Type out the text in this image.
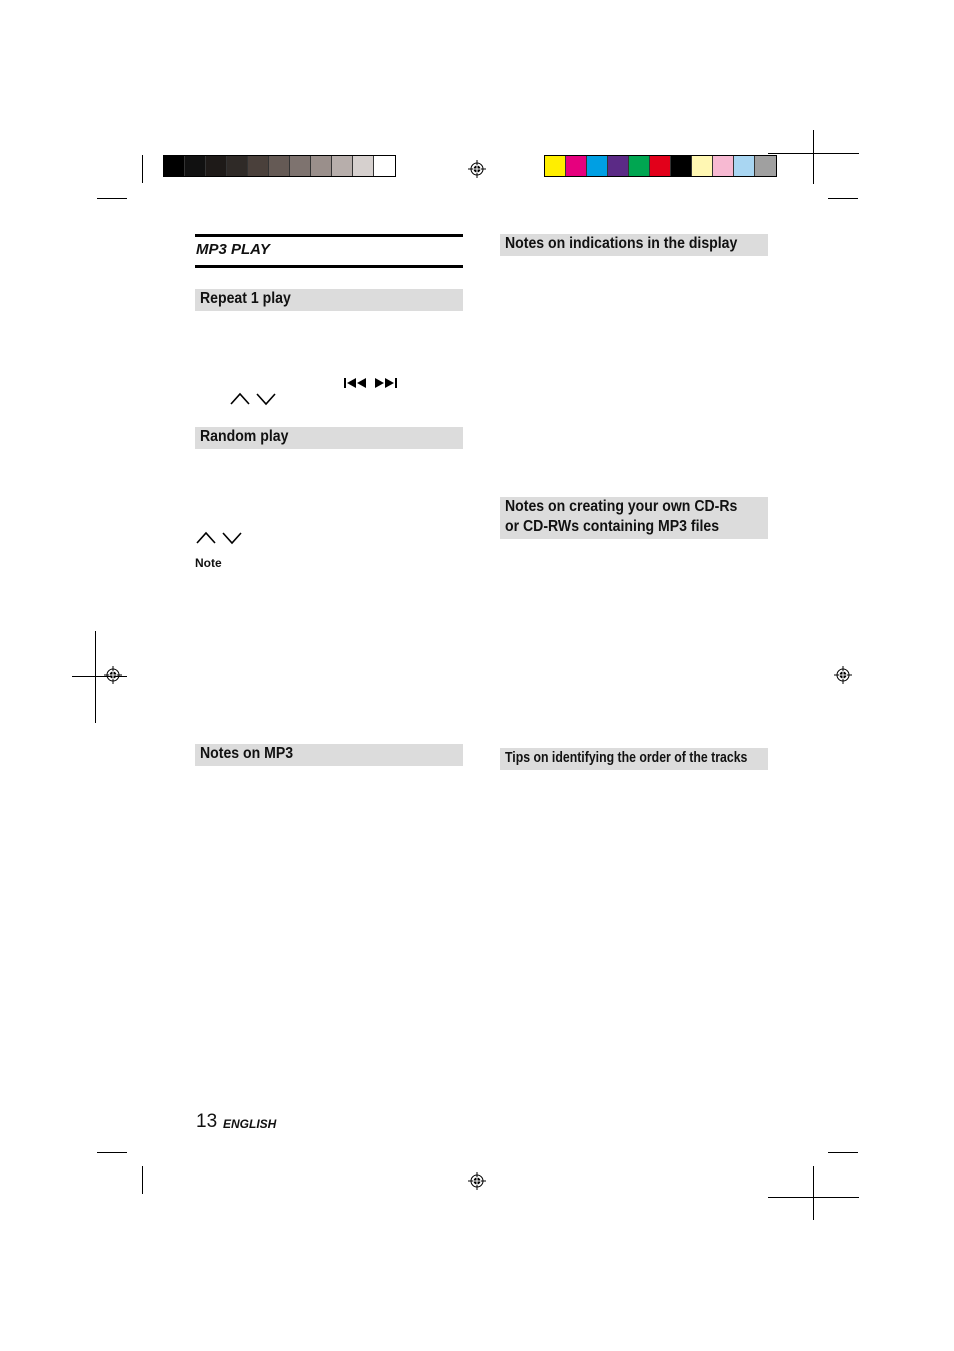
MP3 PLAY
Repeat 1 play
Random play
Note
Notes on MP3
Notes on indications in the display
Notes on creating your own CD-Rs
or CD-RWs containing MP3 files
Tips on identifying the order of the tracks
13 ENGLISH
